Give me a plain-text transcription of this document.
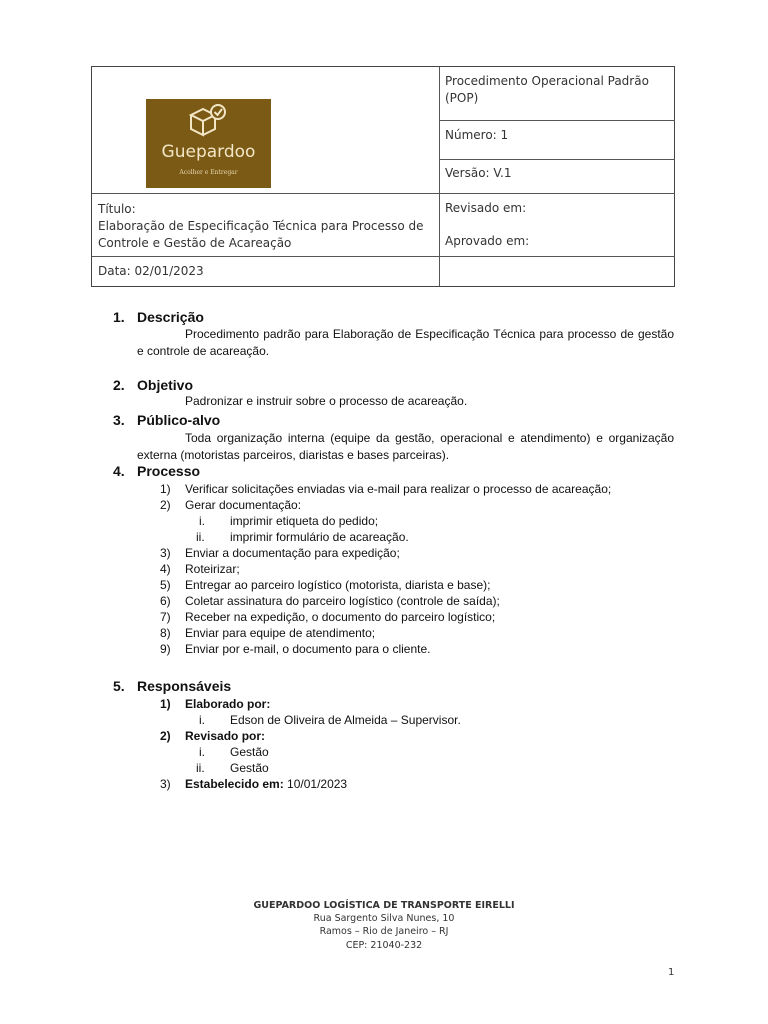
Guepardoo
Acolher e Entregar
Procedimento Operacional Padrão (POP)
Número: 1
Versão: V.1
Título:
Elaboração de Especificação Técnica para Processo de Controle e Gestão de Acareação
Revisado em:
Aprovado em:
Data: 02/01/2023
1. Descrição
Procedimento padrão para Elaboração de Especificação Técnica para processo de gestão e controle de acareação.
2. Objetivo
Padronizar e instruir sobre o processo de acareação.
3. Público-alvo
Toda organização interna (equipe da gestão, operacional e atendimento) e organização externa (motoristas parceiros, diaristas e bases parceiras).
4. Processo
1) Verificar solicitações enviadas via e-mail para realizar o processo de acareação;
2) Gerar documentação:
i. imprimir etiqueta do pedido;
ii. imprimir formulário de acareação.
3) Enviar a documentação para expedição;
4) Roteirizar;
5) Entregar ao parceiro logístico (motorista, diarista e base);
6) Coletar assinatura do parceiro logístico (controle de saída);
7) Receber na expedição, o documento do parceiro logístico;
8) Enviar para equipe de atendimento;
9) Enviar por e-mail, o documento para o cliente.
5. Responsáveis
1) Elaborado por:
i. Edson de Oliveira de Almeida – Supervisor.
2) Revisado por:
i. Gestão
ii. Gestão
3) Estabelecido em: 10/01/2023
GUEPARDOO LOGÍSTICA DE TRANSPORTE EIRELLI
Rua Sargento Silva Nunes, 10
Ramos – Rio de Janeiro – RJ
CEP: 21040-232
1
